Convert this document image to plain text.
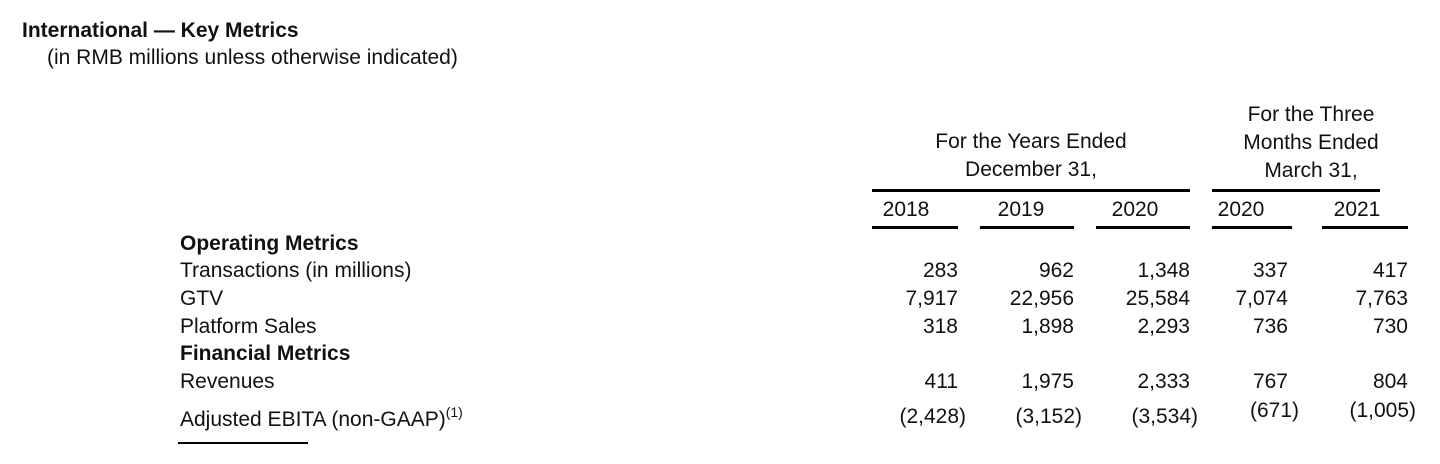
International — Key Metrics
(in RMB millions unless otherwise indicated)
For the Years Ended
December 31,
For the Three
Months Ended
March 31,
2018	2019	2020	2020	2021
Operating Metrics
Transactions (in millions)	283	962	1,348	337	417
GTV	7,917	22,956	25,584	7,074	7,763
Platform Sales	318	1,898	2,293	736	730
Financial Metrics
Revenues	411	1,975	2,333	767	804
Adjusted EBITA (non-GAAP)$^{(1)}$	(2,428)	(3,152)	(3,534)	(671)	(1,005)
